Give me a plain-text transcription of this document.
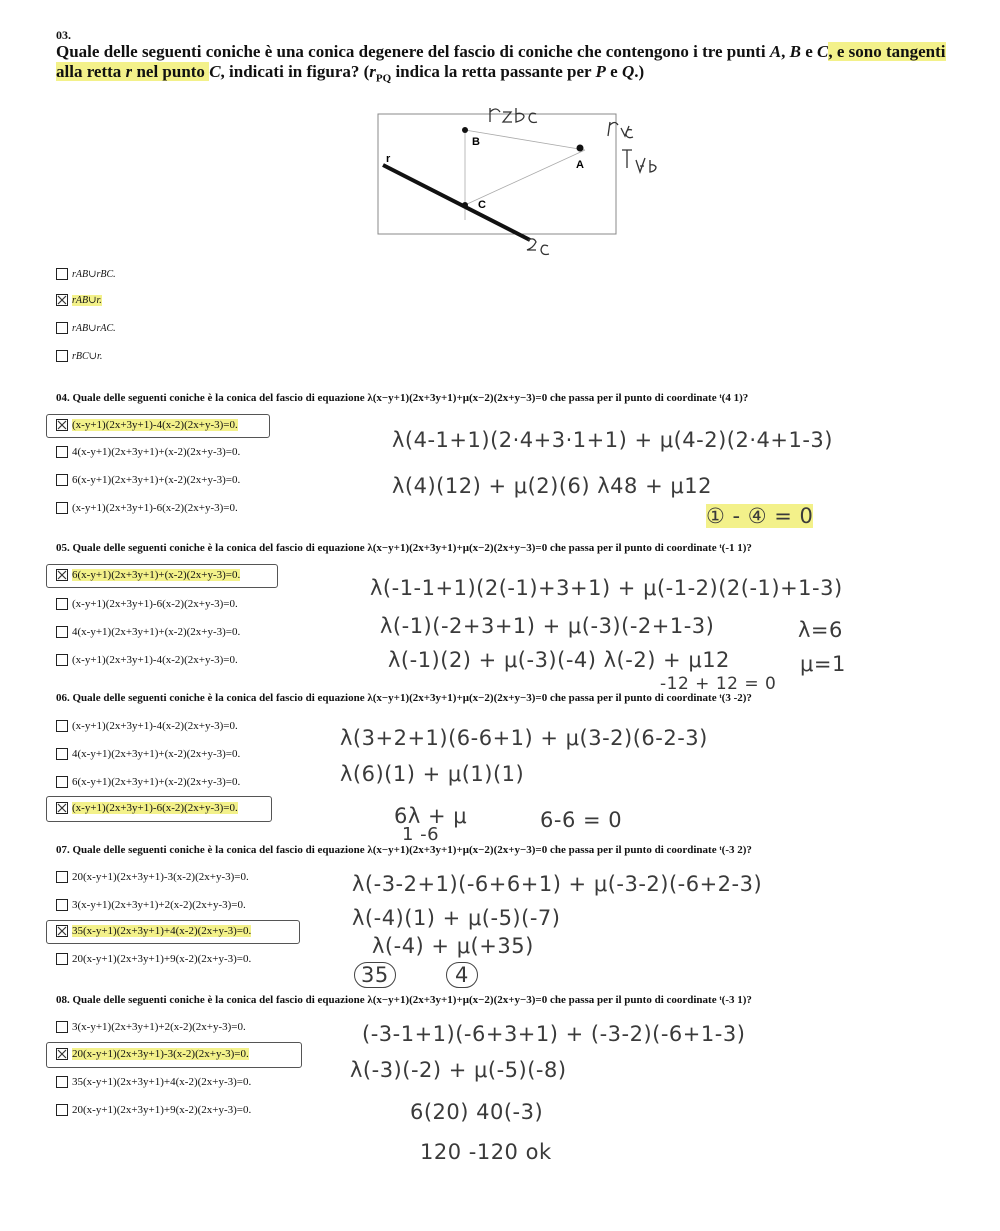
03.
Quale delle seguenti coniche è una conica degenere del fascio di coniche che contengono i tre punti A, B e C, e sono tangenti alla retta r nel punto C, indicati in figura? ($r_{PQ}$ indica la retta passante per P e Q.)
r
B
A
C
rAB∪rBC.
rAB∪r.
rAB∪rAC.
rBC∪r.
04. Quale delle seguenti coniche è la conica del fascio di equazione λ(x−y+1)(2x+3y+1)+μ(x−2)(2x+y−3)=0 che passa per il punto di coordinate ᵗ(4 1)?
(x-y+1)(2x+3y+1)-4(x-2)(2x+y-3)=0.
4(x-y+1)(2x+3y+1)+(x-2)(2x+y-3)=0.
6(x-y+1)(2x+3y+1)+(x-2)(2x+y-3)=0.
(x-y+1)(2x+3y+1)-6(x-2)(2x+y-3)=0.
λ(4-1+1)(2·4+3·1+1) + μ(4-2)(2·4+1-3)
λ(4)(12) + μ(2)(6) λ48 + μ12
① - ④ = 0
05. Quale delle seguenti coniche è la conica del fascio di equazione λ(x−y+1)(2x+3y+1)+μ(x−2)(2x+y−3)=0 che passa per il punto di coordinate ᵗ(-1 1)?
6(x-y+1)(2x+3y+1)+(x-2)(2x+y-3)=0.
(x-y+1)(2x+3y+1)-6(x-2)(2x+y-3)=0.
4(x-y+1)(2x+3y+1)+(x-2)(2x+y-3)=0.
(x-y+1)(2x+3y+1)-4(x-2)(2x+y-3)=0.
λ(-1-1+1)(2(-1)+3+1) + μ(-1-2)(2(-1)+1-3)
λ(-1)(-2+3+1) + μ(-3)(-2+1-3)
λ(-1)(2) + μ(-3)(-4) λ(-2) + μ12
-12 + 12 = 0
λ=6
μ=1
06. Quale delle seguenti coniche è la conica del fascio di equazione λ(x−y+1)(2x+3y+1)+μ(x−2)(2x+y−3)=0 che passa per il punto di coordinate ᵗ(3 -2)?
(x-y+1)(2x+3y+1)-4(x-2)(2x+y-3)=0.
4(x-y+1)(2x+3y+1)+(x-2)(2x+y-3)=0.
6(x-y+1)(2x+3y+1)+(x-2)(2x+y-3)=0.
(x-y+1)(2x+3y+1)-6(x-2)(2x+y-3)=0.
λ(3+2+1)(6-6+1) + μ(3-2)(6-2-3)
λ(6)(1) + μ(1)(1)
6λ + μ
1 -6
6-6 = 0
07. Quale delle seguenti coniche è la conica del fascio di equazione λ(x−y+1)(2x+3y+1)+μ(x−2)(2x+y−3)=0 che passa per il punto di coordinate ᵗ(-3 2)?
20(x-y+1)(2x+3y+1)-3(x-2)(2x+y-3)=0.
3(x-y+1)(2x+3y+1)+2(x-2)(2x+y-3)=0.
35(x-y+1)(2x+3y+1)+4(x-2)(2x+y-3)=0.
20(x-y+1)(2x+3y+1)+9(x-2)(2x+y-3)=0.
λ(-3-2+1)(-6+6+1) + μ(-3-2)(-6+2-3)
λ(-4)(1) + μ(-5)(-7)
λ(-4) + μ(+35)
35	4
08. Quale delle seguenti coniche è la conica del fascio di equazione λ(x−y+1)(2x+3y+1)+μ(x−2)(2x+y−3)=0 che passa per il punto di coordinate ᵗ(-3 1)?
3(x-y+1)(2x+3y+1)+2(x-2)(2x+y-3)=0.
20(x-y+1)(2x+3y+1)-3(x-2)(2x+y-3)=0.
35(x-y+1)(2x+3y+1)+4(x-2)(2x+y-3)=0.
20(x-y+1)(2x+3y+1)+9(x-2)(2x+y-3)=0.
(-3-1+1)(-6+3+1) + (-3-2)(-6+1-3)
λ(-3)(-2) + μ(-5)(-8)
6(20) 40(-3)
120 -120 ok
